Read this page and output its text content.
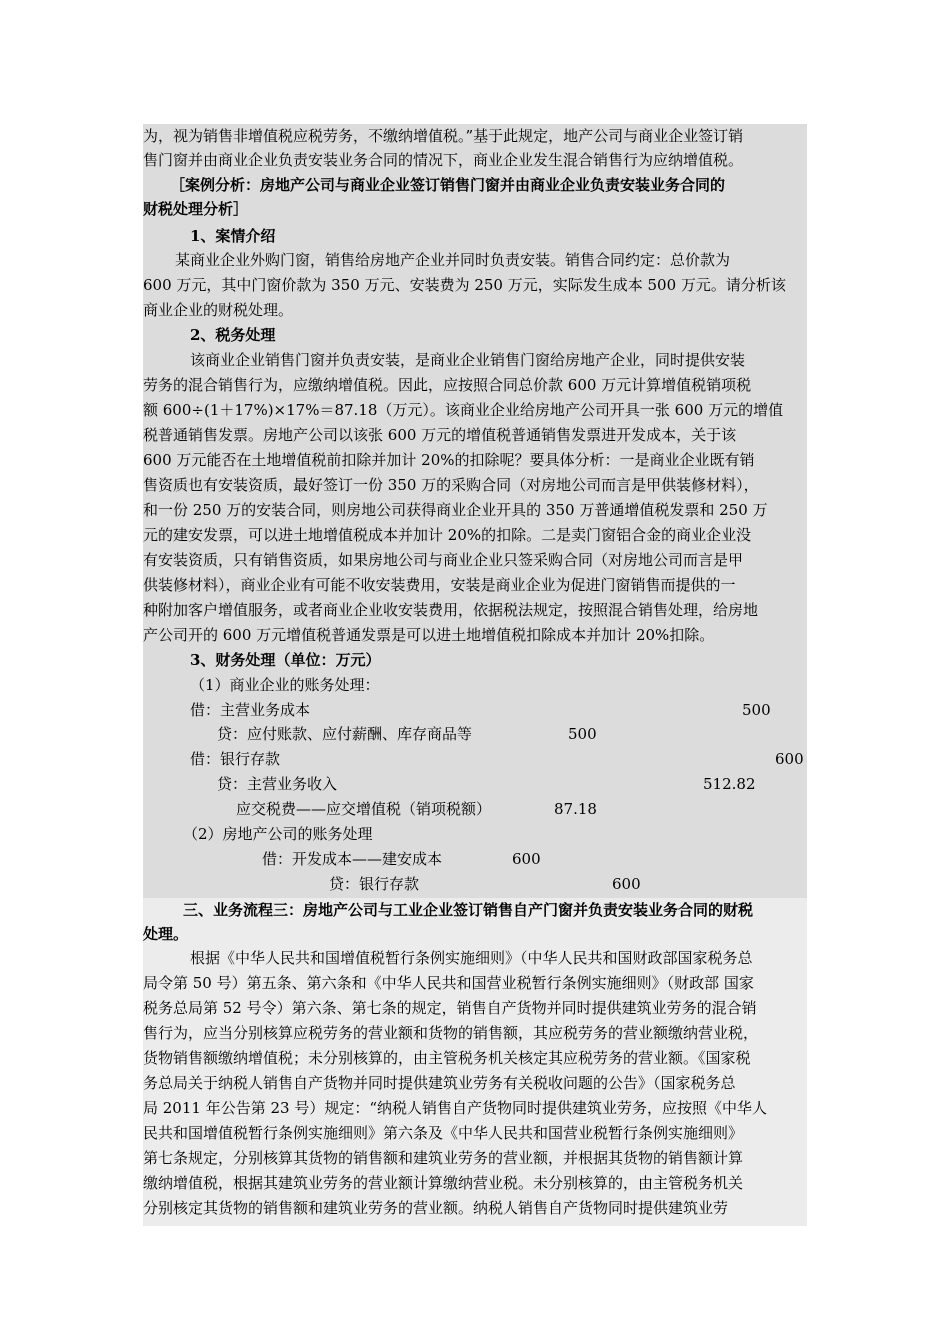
为，视为销售非增值税应税劳务，不缴纳增值税。”基于此规定，地产公司与商业企业签订销
售门窗并由商业企业负责安装业务合同的情况下，商业企业发生混合销售行为应纳增值税。
［案例分析：房地产公司与商业企业签订销售门窗并由商业企业负责安装业务合同的
财税处理分析］
1、案情介绍
某商业企业外购门窗，销售给房地产企业并同时负责安装。销售合同约定：总价款为
600 万元，其中门窗价款为 350 万元、安装费为 250 万元，实际发生成本 500 万元。请分析该
商业企业的财税处理。
2、税务处理
该商业企业销售门窗并负责安装，是商业企业销售门窗给房地产企业，同时提供安装
劳务的混合销售行为，应缴纳增值税。因此，应按照合同总价款 600 万元计算增值税销项税
额 600÷(1＋17%)×17%＝87.18（万元）。该商业企业给房地产公司开具一张 600 万元的增值
税普通销售发票。房地产公司以该张 600 万元的增值税普通销售发票进开发成本，关于该
600 万元能否在土地增值税前扣除并加计 20%的扣除呢？要具体分析：一是商业企业既有销
售资质也有安装资质，最好签订一份 350 万的采购合同（对房地公司而言是甲供装修材料），
和一份 250 万的安装合同，则房地公司获得商业企业开具的 350 万普通增值税发票和 250 万
元的建安发票，可以进土地增值税成本并加计 20%的扣除。二是卖门窗铝合金的商业企业没
有安装资质，只有销售资质，如果房地公司与商业企业只签采购合同（对房地公司而言是甲
供装修材料），商业企业有可能不收安装费用，安装是商业企业为促进门窗销售而提供的一
种附加客户增值服务，或者商业企业收安装费用，依据税法规定，按照混合销售处理，给房地
产公司开的 600 万元增值税普通发票是可以进土地增值税扣除成本并加计 20%扣除。
3、财务处理（单位：万元）
（1）商业企业的账务处理：
借：主营业务成本	500
贷：应付账款、应付薪酬、库存商品等	500
借：银行存款	600
贷：主营业务收入	512.82
应交税费——应交增值税（销项税额）	87.18
（2）房地产公司的账务处理
借：开发成本——建安成本	600
贷：银行存款	600
三、业务流程三：房地产公司与工业企业签订销售自产门窗并负责安装业务合同的财税
处理。
根据《中华人民共和国增值税暂行条例实施细则》（中华人民共和国财政部国家税务总
局令第 50 号）第五条、第六条和《中华人民共和国营业税暂行条例实施细则》（财政部 国家
税务总局第 52 号令）第六条、第七条的规定，销售自产货物并同时提供建筑业劳务的混合销
售行为，应当分别核算应税劳务的营业额和货物的销售额，其应税劳务的营业额缴纳营业税，
货物销售额缴纳增值税；未分别核算的，由主管税务机关核定其应税劳务的营业额。《国家税
务总局关于纳税人销售自产货物并同时提供建筑业劳务有关税收问题的公告》（国家税务总
局 2011 年公告第 23 号）规定：“纳税人销售自产货物同时提供建筑业劳务，应按照《中华人
民共和国增值税暂行条例实施细则》第六条及《中华人民共和国营业税暂行条例实施细则》
第七条规定，分别核算其货物的销售额和建筑业劳务的营业额，并根据其货物的销售额计算
缴纳增值税，根据其建筑业劳务的营业额计算缴纳营业税。未分别核算的，由主管税务机关
分别核定其货物的销售额和建筑业劳务的营业额。纳税人销售自产货物同时提供建筑业劳
